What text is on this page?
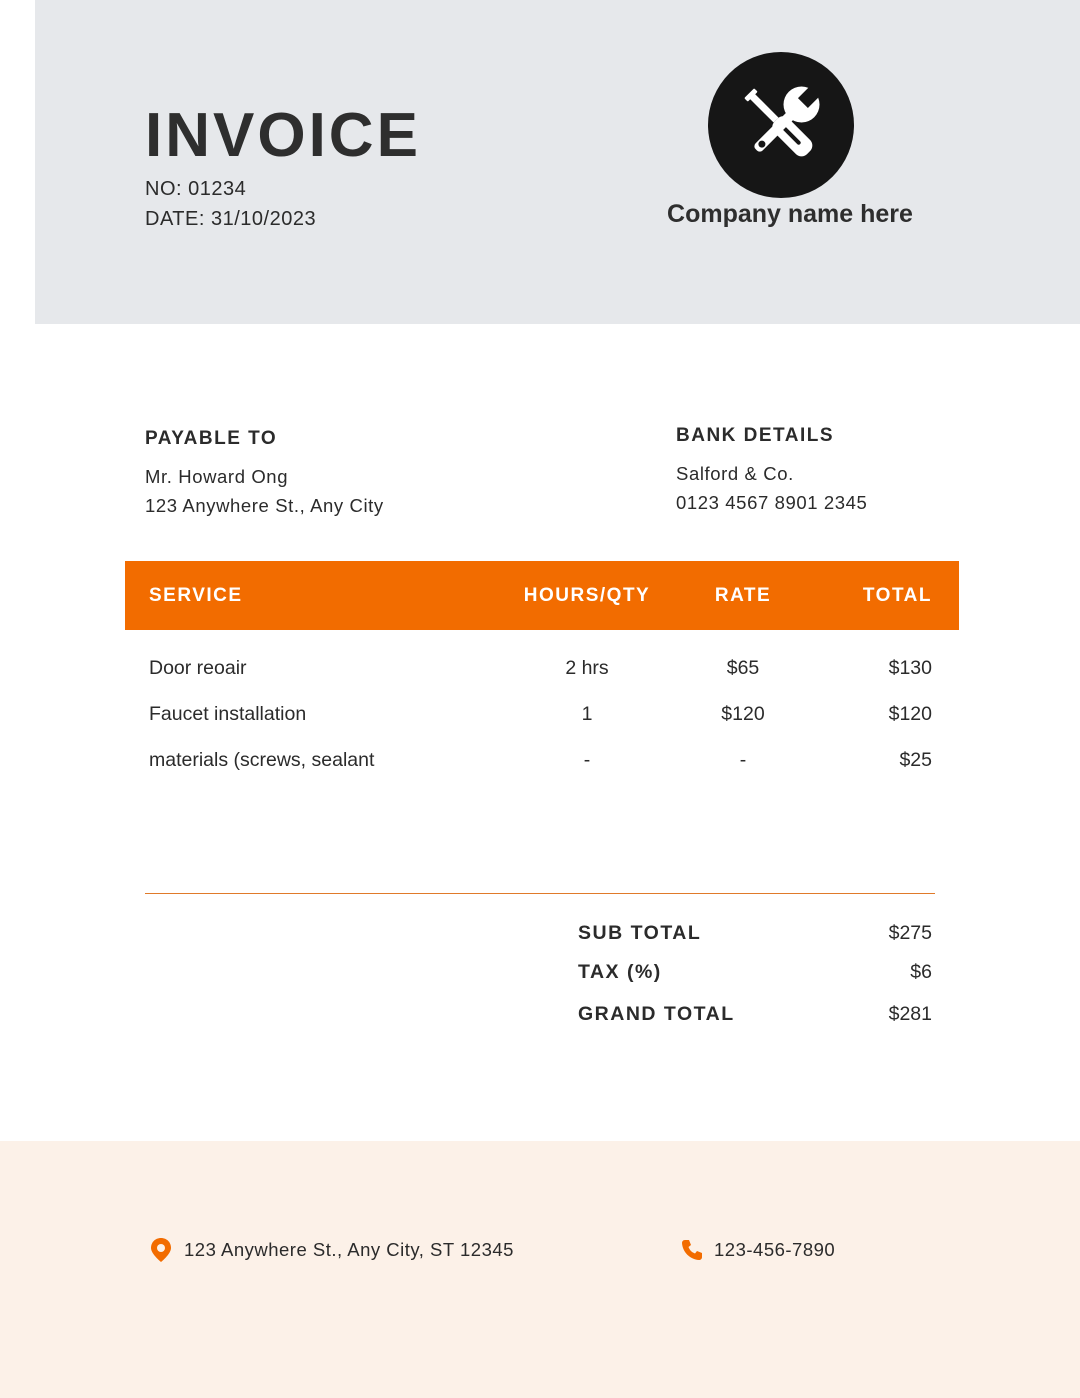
INVOICE
NO: 01234
DATE: 31/10/2023	Company name here
PAYABLE TO
Mr. Howard Ong
123 Anywhere St., Any City
BANK DETAILS
Salford & Co.
0123 4567 8901 2345
SERVICE	HOURS/QTY	RATE	TOTAL
Door reoair	2 hrs	$65	$130
Faucet installation	1	$120	$120
materials (screws, sealant	-	-	$25
SUB TOTAL	$275
TAX (%)	$6
GRAND TOTAL	$281
123 Anywhere St., Any City, ST 12345	123-456-7890
